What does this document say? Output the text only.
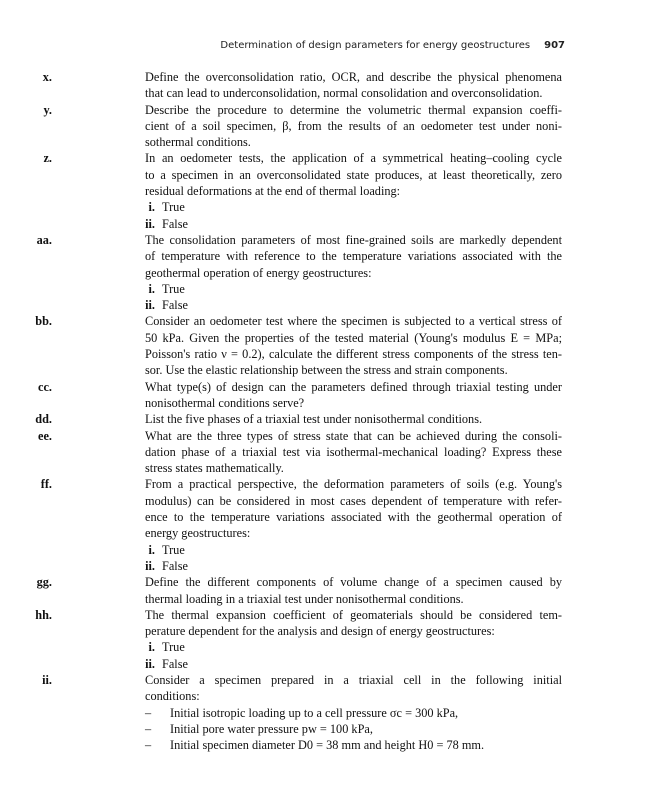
Determination of design parameters for energy geostructures 907
x.	Define the overconsolidation ratio, OCR, and describe the physical phenomena
that can lead to underconsolidation, normal consolidation and overconsolidation.
y.	Describe the procedure to determine the volumetric thermal expansion coeffi-
cient of a soil specimen, β, from the results of an oedometer test under noni-
sothermal conditions.
z.	In an oedometer tests, the application of a symmetrical heating–cooling cycle
to a specimen in an overconsolidated state produces, at least theoretically, zero
residual deformations at the end of thermal loading:
i. True
ii. False
aa.	The consolidation parameters of most fine-grained soils are markedly dependent
of temperature with reference to the temperature variations associated with the
geothermal operation of energy geostructures:
i. True
ii. False
bb.	Consider an oedometer test where the specimen is subjected to a vertical stress of
50 kPa. Given the properties of the tested material (Young's modulus E = MPa;
Poisson's ratio ν = 0.2), calculate the different stress components of the stress ten-
sor. Use the elastic relationship between the stress and strain components.
cc.	What type(s) of design can the parameters defined through triaxial testing under
nonisothermal conditions serve?
dd.	List the five phases of a triaxial test under nonisothermal conditions.
ee.	What are the three types of stress state that can be achieved during the consoli-
dation phase of a triaxial test via isothermal-mechanical loading? Express these
stress states mathematically.
ff.	From a practical perspective, the deformation parameters of soils (e.g. Young's
modulus) can be considered in most cases dependent of temperature with refer-
ence to the temperature variations associated with the geothermal operation of
energy geostructures:
i. True
ii. False
gg.	Define the different components of volume change of a specimen caused by
thermal loading in a triaxial test under nonisothermal conditions.
hh.	The thermal expansion coefficient of geomaterials should be considered tem-
perature dependent for the analysis and design of energy geostructures:
i. True
ii. False
ii.	Consider a specimen prepared in a triaxial cell in the following initial
conditions:
– Initial isotropic loading up to a cell pressure σc = 300 kPa,
– Initial pore water pressure pw = 100 kPa,
– Initial specimen diameter D0 = 38 mm and height H0 = 78 mm.
